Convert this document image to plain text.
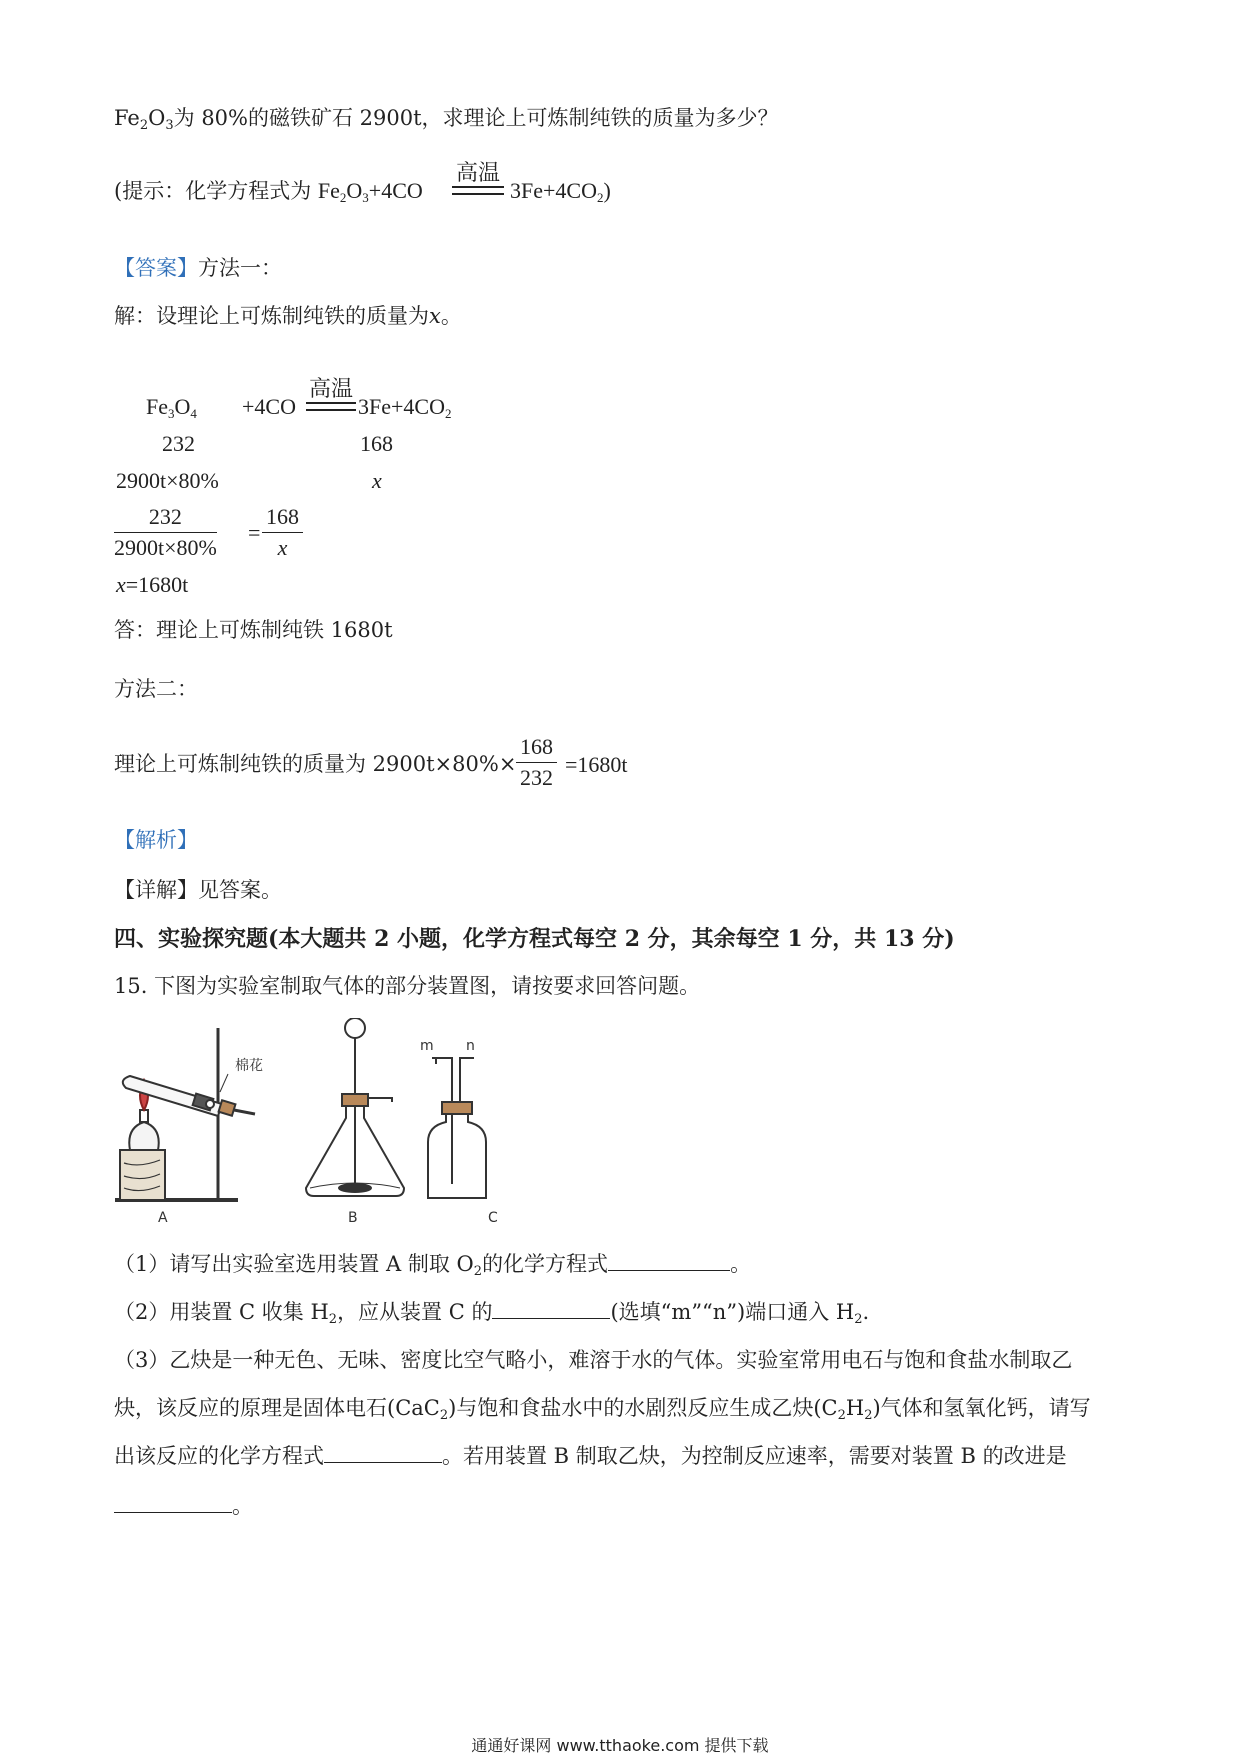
$Fe_2O_3$为 80%的磁铁矿石 2900t，求理论上可炼制纯铁的质量为多少？
(提示：化学方程式为 $Fe_2O_3+4CO$
高温
$3Fe+4CO_2$)
【答案】方法一：
解：设理论上可炼制纯铁的质量为x。
$Fe_3O_4 +4CO$
高温
$3Fe+4CO_2$
232	168
2900t×80%	x
$\frac{232}{2900t\times 80\%} = \frac{168}{x}$
x=1680t
答：理论上可炼制纯铁 1680t
方法二：
理论上可炼制纯铁的质量为 $2900t\times 80\%\times \frac{168}{232} =1680t$
【解析】
【详解】见答案。
四、实验探究题(本大题共 2 小题，化学方程式每空 2 分，其余每空 1 分，共 13 分)
15. 下图为实验室制取气体的部分装置图，请按要求回答问题。
棉花
A	B
m n
C
（1）请写出实验室选用装置 A 制取 $O_2$的化学方程式	。
（2）用装置 C 收集 $H_2$，应从装置 C 的	(选填“m”“n”)端口通入 $H_2$.
（3）乙炔是一种无色、无味、密度比空气略小，难溶于水的气体。实验室常用电石与饱和食盐水制取乙
炔，该反应的原理是固体电石(CaC$_2$)与饱和食盐水中的水剧烈反应生成乙炔$(C_2H_2)$气体和氢氧化钙，请写
出该反应的化学方程式	。若用装置 B 制取乙炔，为控制反应速率，需要对装置 B 的改进是
。
通通好课网 www.tthaoke.com 提供下载
